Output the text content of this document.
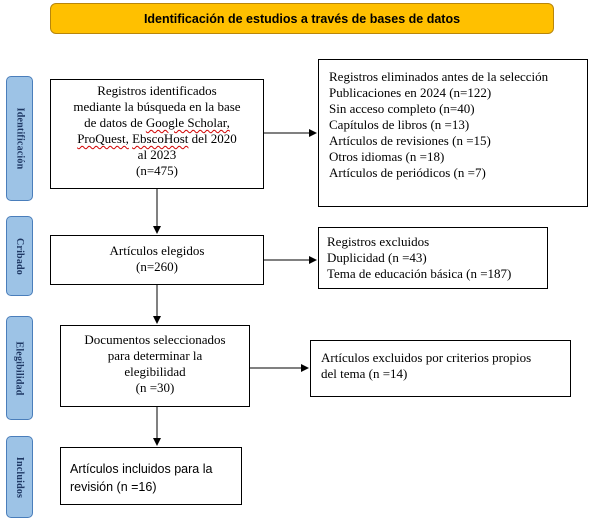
Identificación de estudios a través de bases de datos
Identificación
Cribado
Elegibilidad
Incluidos
Registros identificados
mediante la búsqueda en la base
de datos de Google Scholar,
ProQuest, EbscoHost del 2020
al 2023
(n=475)
Registros eliminados antes de la selección
Publicaciones en 2024 (n=122)
Sin acceso completo (n=40)
Capítulos de libros (n =13)
Artículos de revisiones (n =15)
Otros idiomas (n =18)
Artículos de periódicos (n =7)
Artículos elegidos
(n=260)
Registros excluidos
Duplicidad (n =43)
Tema de educación básica (n =187)
Documentos seleccionados
para determinar la
elegibilidad
(n =30)
Artículos excluidos por criterios propios
del tema (n =14)
Artículos incluidos para la
revisión (n =16)
